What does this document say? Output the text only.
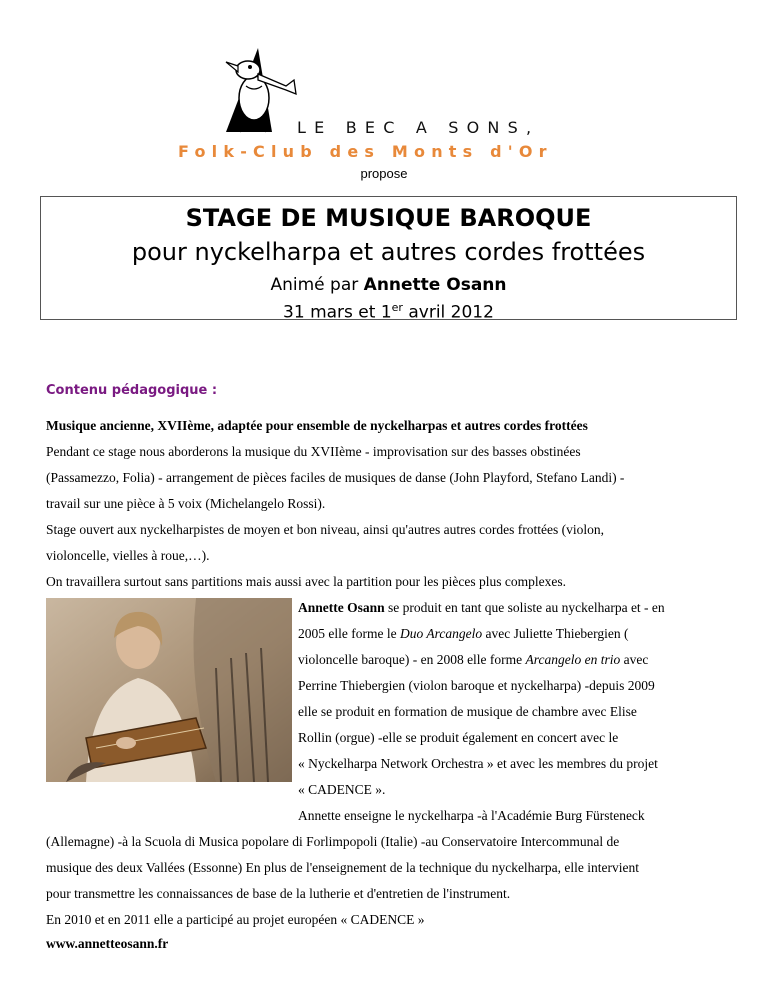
LE BEC A SONS,
Folk-Club des Monts d'Or
propose
STAGE DE MUSIQUE BAROQUE
pour nyckelharpa et autres cordes frottées
Animé par Annette Osann
31 mars et 1er avril 2012
Contenu pédagogique :
Musique ancienne, XVIIème, adaptée pour ensemble de nyckelharpas et autres cordes frottées
Pendant ce stage nous aborderons la musique du XVIIème - improvisation sur des basses obstinées
(Passamezzo, Folia) - arrangement de pièces faciles de musiques de danse (John Playford, Stefano Landi) -
travail sur une pièce à 5 voix (Michelangelo Rossi).
Stage ouvert aux nyckelharpistes de moyen et bon niveau, ainsi qu'autres autres cordes frottées (violon,
violoncelle, vielles à roue,…).
On travaillera surtout sans partitions mais aussi avec la partition pour les pièces plus complexes.
Annette Osann se produit en tant que soliste au nyckelharpa et - en
2005 elle forme le Duo Arcangelo avec Juliette Thiebergien (
violoncelle baroque) - en 2008 elle forme Arcangelo en trio avec
Perrine Thiebergien (violon baroque et nyckelharpa) -depuis 2009
elle se produit en formation de musique de chambre avec Elise
Rollin (orgue) -elle se produit également en concert avec le
« Nyckelharpa Network Orchestra » et avec les membres du projet
« CADENCE ».
Annette enseigne le nyckelharpa -à l'Académie Burg Fürsteneck
(Allemagne) -à la Scuola di Musica popolare di Forlimpopoli (Italie) -au Conservatoire Intercommunal de
musique des deux Vallées (Essonne) En plus de l'enseignement de la technique du nyckelharpa, elle intervient
pour transmettre les connaissances de base de la lutherie et d'entretien de l'instrument.
En 2010 et en 2011 elle a participé au projet européen « CADENCE »
www.annetteosann.fr
